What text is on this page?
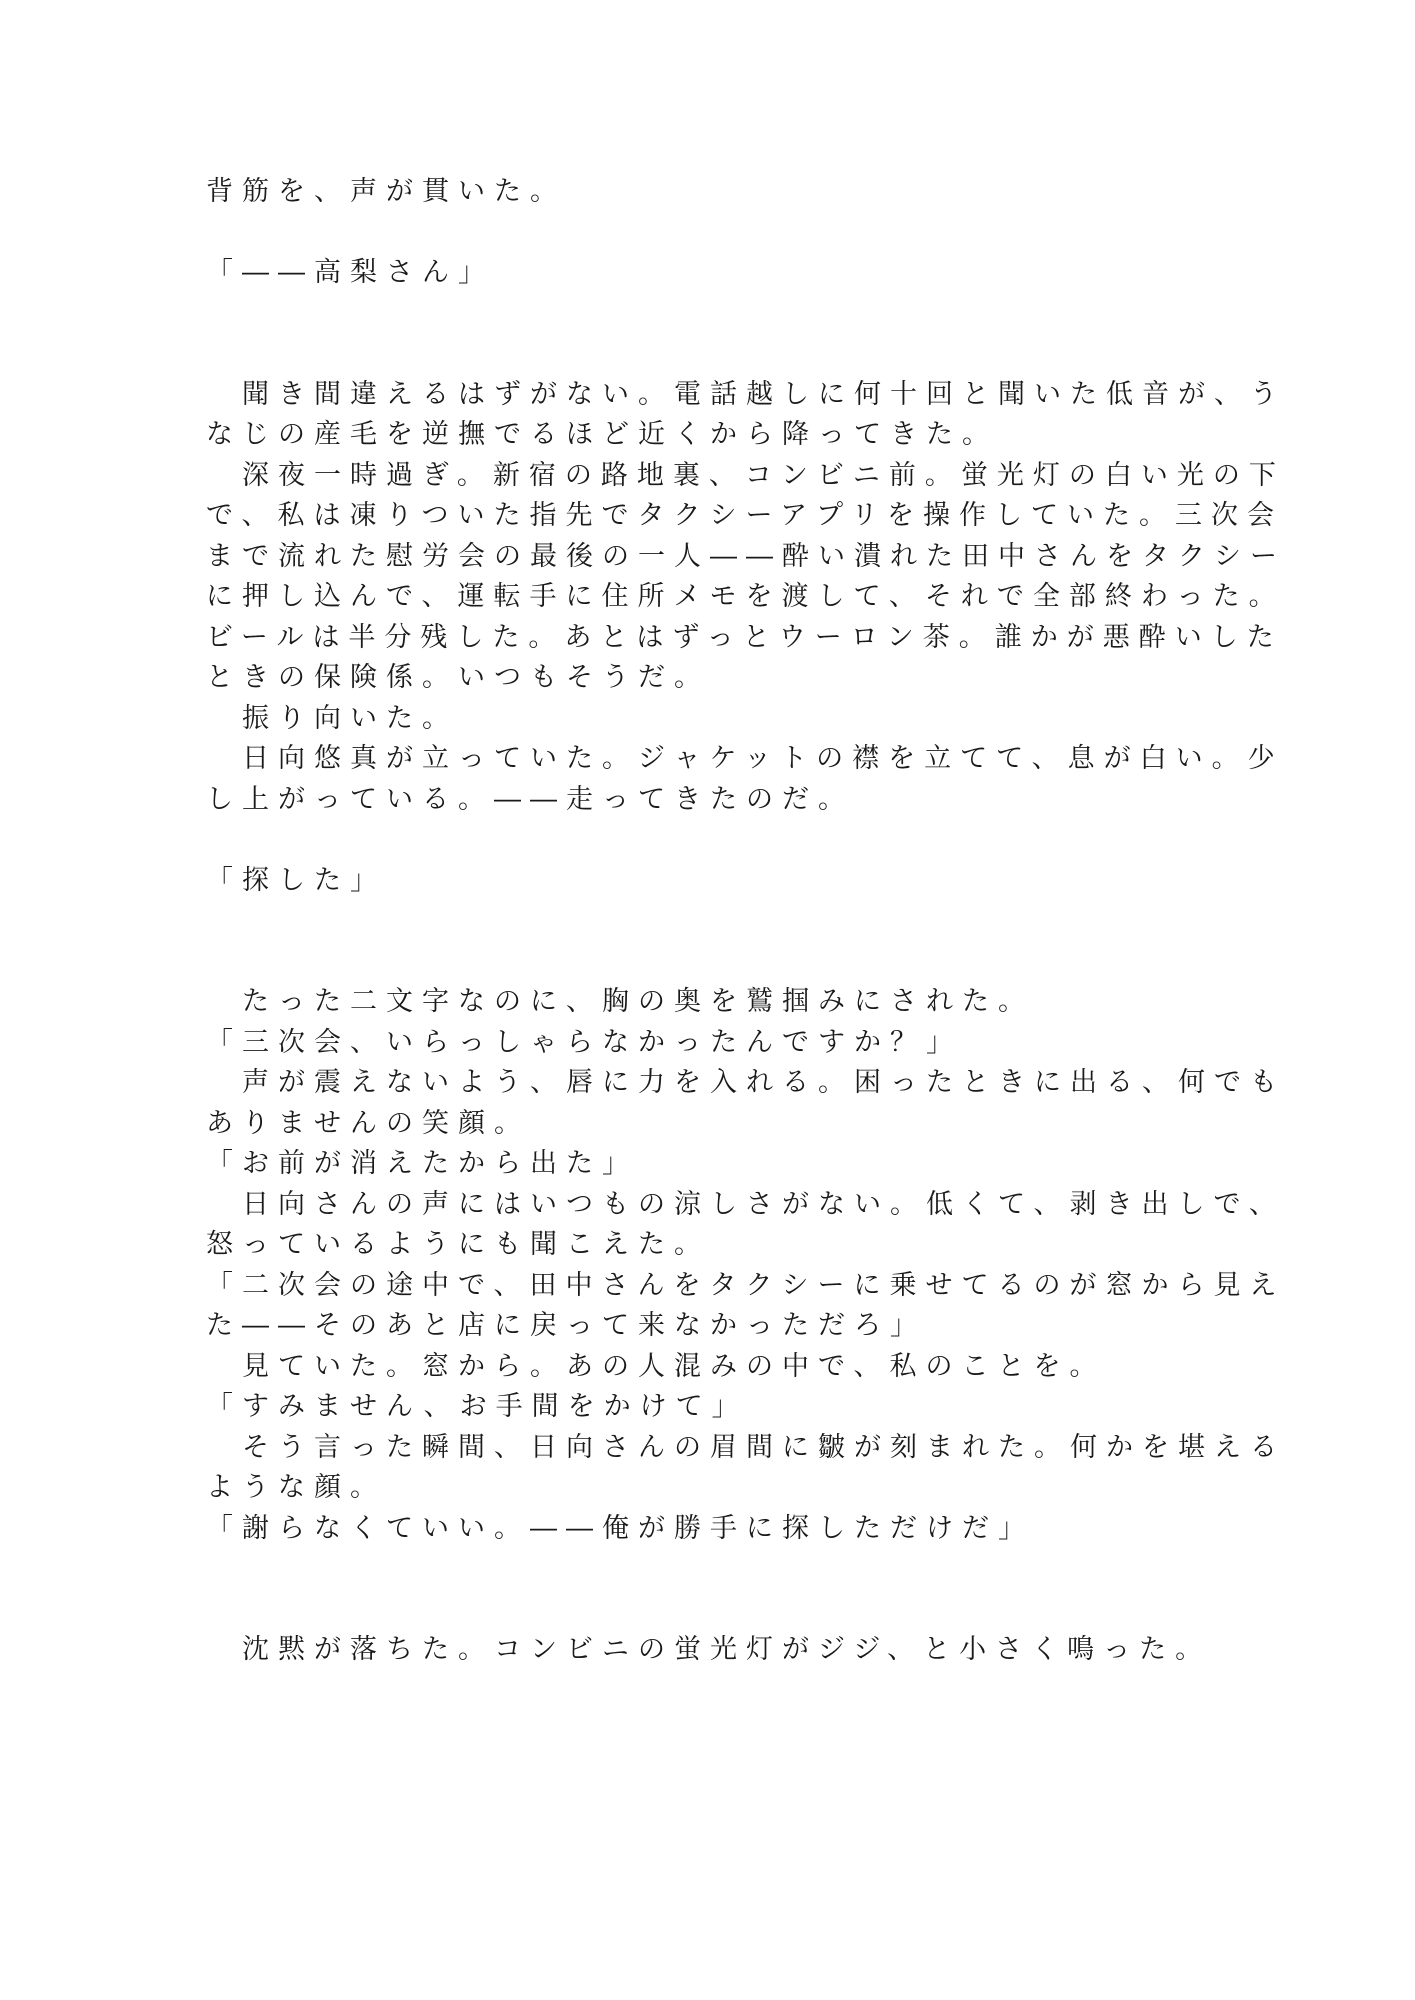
背筋を、声が貫いた。
「――高梨さん」
　聞き間違えるはずがない。電話越しに何十回と聞いた低音が、う
なじの産毛を逆撫でるほど近くから降ってきた。
　深夜一時過ぎ。新宿の路地裏、コンビニ前。蛍光灯の白い光の下
で、私は凍りついた指先でタクシーアプリを操作していた。三次会
まで流れた慰労会の最後の一人――酔い潰れた田中さんをタクシー
に押し込んで、運転手に住所メモを渡して、それで全部終わった。
ビールは半分残した。あとはずっとウーロン茶。誰かが悪酔いした
ときの保険係。いつもそうだ。
　振り向いた。
　日向悠真が立っていた。ジャケットの襟を立てて、息が白い。少
し上がっている。――走ってきたのだ。
「探した」
　たった二文字なのに、胸の奥を鷲掴みにされた。
「三次会、いらっしゃらなかったんですか？」
　声が震えないよう、唇に力を入れる。困ったときに出る、何でも
ありませんの笑顔。
「お前が消えたから出た」
　日向さんの声にはいつもの涼しさがない。低くて、剥き出しで、
怒っているようにも聞こえた。
「二次会の途中で、田中さんをタクシーに乗せてるのが窓から見え
た――そのあと店に戻って来なかっただろ」
　見ていた。窓から。あの人混みの中で、私のことを。
「すみません、お手間をかけて」
　そう言った瞬間、日向さんの眉間に皺が刻まれた。何かを堪える
ような顔。
「謝らなくていい。――俺が勝手に探しただけだ」
　沈黙が落ちた。コンビニの蛍光灯がジジ、と小さく鳴った。
